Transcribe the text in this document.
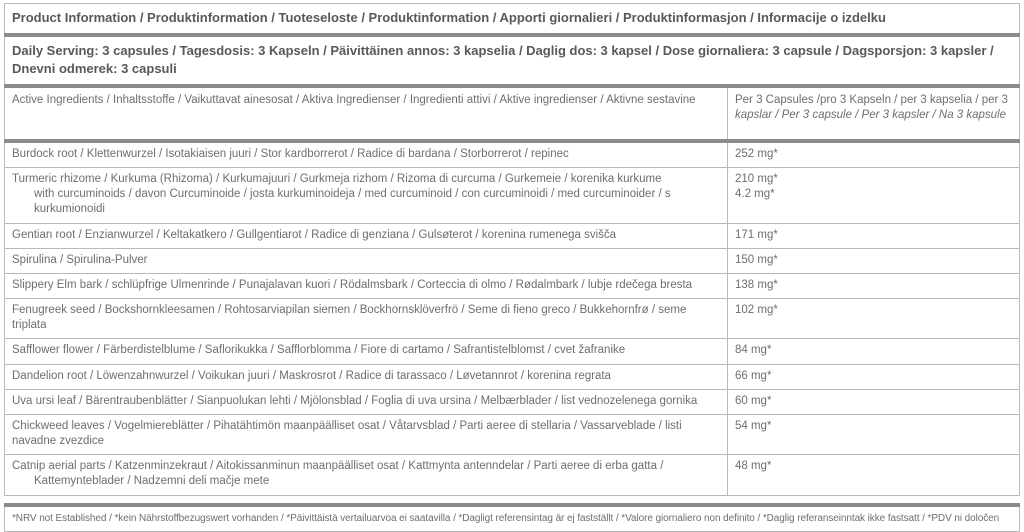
Product Information / Produktinformation / Tuoteseloste / Produktinformation / Apporti giornalieri / Produktinformasjon / Informacije o izdelku	
Daily Serving: 3 capsules / Tagesdosis: 3 Kapseln / Päivittäinen annos: 3 kapselia / Daglig dos: 3 kapsel / Dose giornaliera: 3 capsule / Dagsporsjon: 3 kapsler / Dnevni odmerek: 3 capsuli	
Active Ingredients / Inhaltsstoffe / Vaikuttavat ainesosat / Aktiva Ingredienser / Ingredienti attivi / Aktive ingredienser / Aktivne sestavine	Per 3 Capsules /pro 3 Kapseln / per 3 kapselia / per 3
kapslar / Per 3 capsule / Per 3 kapsler / Na 3 kapsule

Burdock root / Klettenwurzel / Isotakiaisen juuri / Stor kardborrerot / Radice di bardana / Storborrerot / repinec	252 mg*

Turmeric rhizome / Kurkuma (Rhizoma) / Kurkumajuuri / Gurkmeja rizhom / Rizoma di curcuma / Gurkemeie / korenika kurkume
with curcuminoids / davon Curcuminoide / josta kurkuminoideja / med curcuminoid / con curcuminoidi / med curcuminoider / s kurkumionoidi	210 mg*
4.2 mg*

Gentian root / Enzianwurzel / Keltakatkero / Gullgentiarot / Radice di genziana / Gulsøterot / korenina rumenega svišča	171 mg*

Spirulina / Spirulina-Pulver	150 mg*

Slippery Elm bark / schlüpfrige Ulmenrinde / Punajalavan kuori / Rödalmsbark / Corteccia di olmo / Rødalmbark / lubje rdečega bresta	138 mg*

Fenugreek seed / Bockshornkleesamen / Rohtosarviapilan siemen / Bockhornsklöverfrö / Seme di fieno greco / Bukkehornfrø / seme triplata	102 mg*

Safflower flower / Färberdistelblume / Saflorikukka / Safflorblomma / Fiore di cartamo / Safrantistelblomst / cvet žafranike	84 mg*

Dandelion root / Löwenzahnwurzel / Voikukan juuri / Maskrosrot / Radice di tarassaco / Løvetannrot / korenina regrata	66 mg*

Uva ursi leaf / Bärentraubenblätter / Sianpuolukan lehti / Mjölonsblad / Foglia di uva ursina / Melbærblader / list vednozelenega gornika	60 mg*

Chickweed leaves / Vogelmiereblätter / Pihatähtimön maanpäälliset osat / Våtarvsblad / Parti aeree di stellaria / Vassarveblade / listi navadne zvezdice	54 mg*

Catnip aerial parts / Katzenminzekraut / Aitokissanminun maanpäälliset osat / Kattmynta antenndelar / Parti aeree di erba gatta /
Kattemynteblader / Nadzemni deli mačje mete	48 mg*

*NRV not Established / *kein Nährstoffbezugswert vorhanden / *Päivittäistä vertailuarvoa ei saatavilla / *Dagligt referensintag är ej fastställt / *Valore giornaliero non definito / *Daglig referanseinntak ikke fastsatt / *PDV ni določen	
